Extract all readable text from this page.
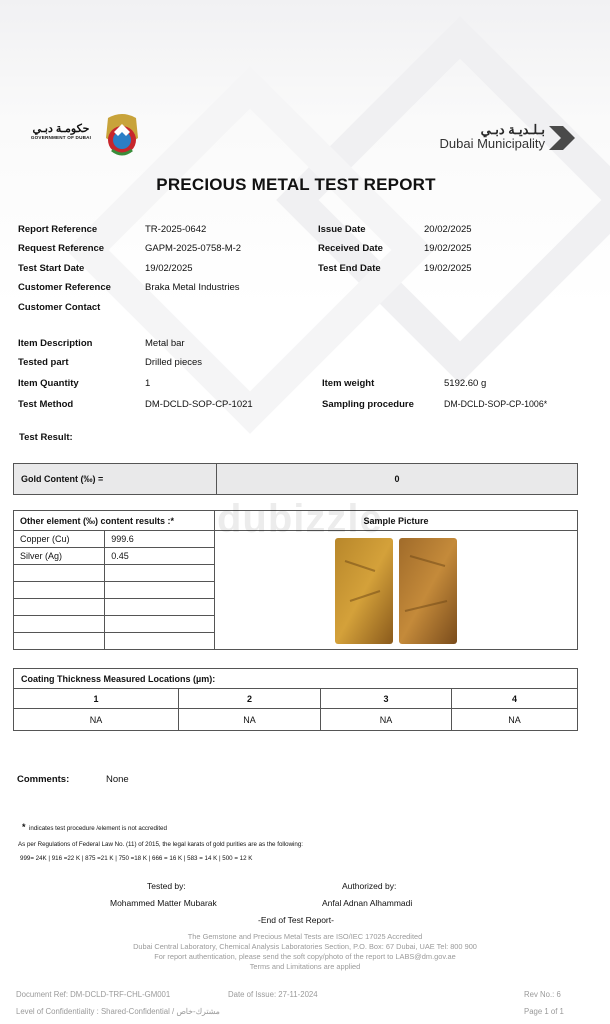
حكومـة دبـي
GOVERNMENT OF DUBAI
بـلـديـة دبـي
Dubai Municipality
PRECIOUS METAL TEST REPORT
Report Reference	TR-2025-0642	Issue Date	20/02/2025
Request Reference	GAPM-2025-0758-M-2	Received Date	19/02/2025
Test Start Date	19/02/2025	Test End Date	19/02/2025
Customer Reference	Braka Metal Industries
Customer Contact
Item Description	Metal bar
Tested part	Drilled pieces
Item Quantity	1	Item weight	5192.60 g
Test Method	DM-DCLD-SOP-CP-1021	Sampling procedure	DM-DCLD-SOP-CP-1006*
Test Result:
Gold Content (‰) =	0
Other element (‰) content results :*		Sample Picture
Copper (Cu)	999.6	

Silver (Ag)	0.45	

dubizzle
Coating Thickness Measured Locations (µm):			
1	2	3	4
NA	NA	NA	NA
Comments:	None
* indicates test procedure /element is not accredited
As per Regulations of Federal Law No. (11) of 2015, the legal karats of gold purities are as the following:
999= 24K | 916 =22 K | 875 =21 K | 750 =18 K | 666 = 16 K | 583 = 14 K | 500 = 12 K
Tested by:
Mohammed Matter Mubarak
Authorized by:
Anfal Adnan Alhammadi
-End of Test Report-
The Gemstone and Precious Metal Tests are ISO/IEC 17025 Accredited
Dubai Central Laboratory, Chemical Analysis Laboratories Section, P.O. Box: 67 Dubai, UAE Tel: 800 900
For report authentication, please send the soft copy/photo of the report to LABS@dm.gov.ae
Terms and Limitations are applied
Document Ref: DM-DCLD-TRF-CHL-GM001	Date of Issue: 27-11-2024	Rev No.: 6
Level of Confidentiality : Shared-Confidential / مشترك-خاص	Page 1 of 1
